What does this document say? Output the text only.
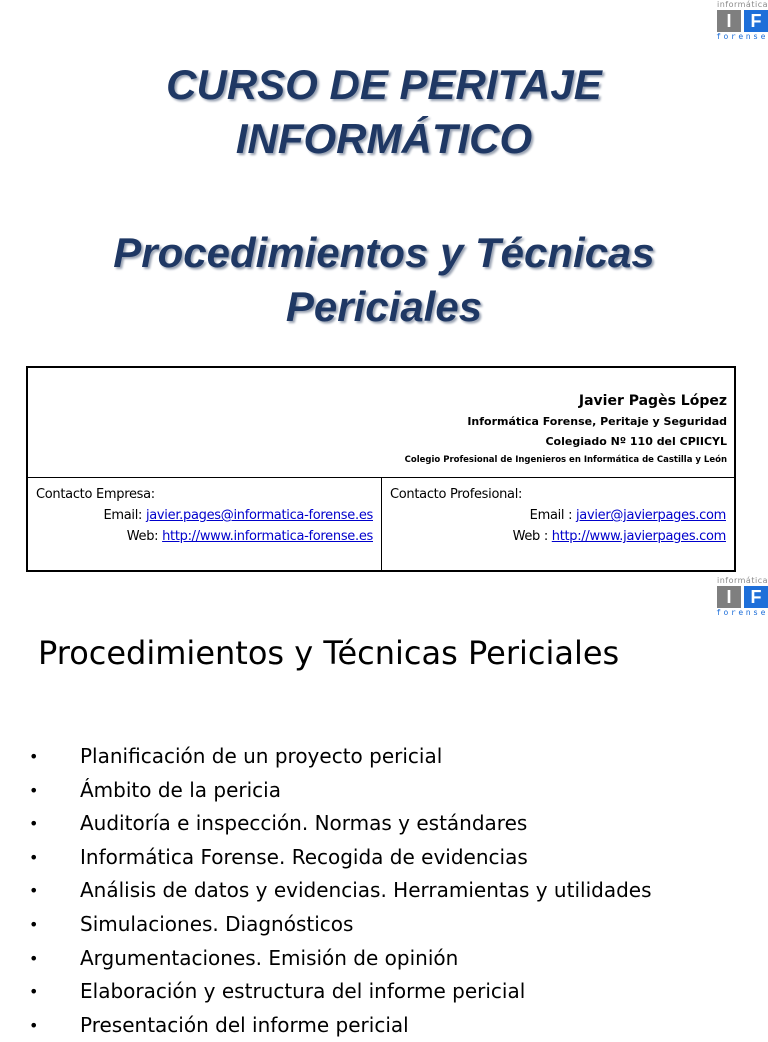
informática
I	F
forense
CURSO DE PERITAJE
INFORMÁTICO
Procedimientos y Técnicas
Periciales
Javier Pagès López
Informática Forense, Peritaje y Seguridad
Colegiado Nº 110 del CPIICYL
Colegio Profesional de Ingenieros en Informática de Castilla y León
Contacto Empresa:
Email: javier.pages@informatica-forense.es
Web: http://www.informatica-forense.es
Contacto Profesional:
Email : javier@javierpages.com
Web : http://www.javierpages.com
informática
I	F
forense
Procedimientos y Técnicas Periciales
• Planificación de un proyecto pericial
• Ámbito de la pericia
• Auditoría e inspección. Normas y estándares
• Informática Forense. Recogida de evidencias
• Análisis de datos y evidencias. Herramientas y utilidades
• Simulaciones. Diagnósticos
• Argumentaciones. Emisión de opinión
• Elaboración y estructura del informe pericial
• Presentación del informe pericial
